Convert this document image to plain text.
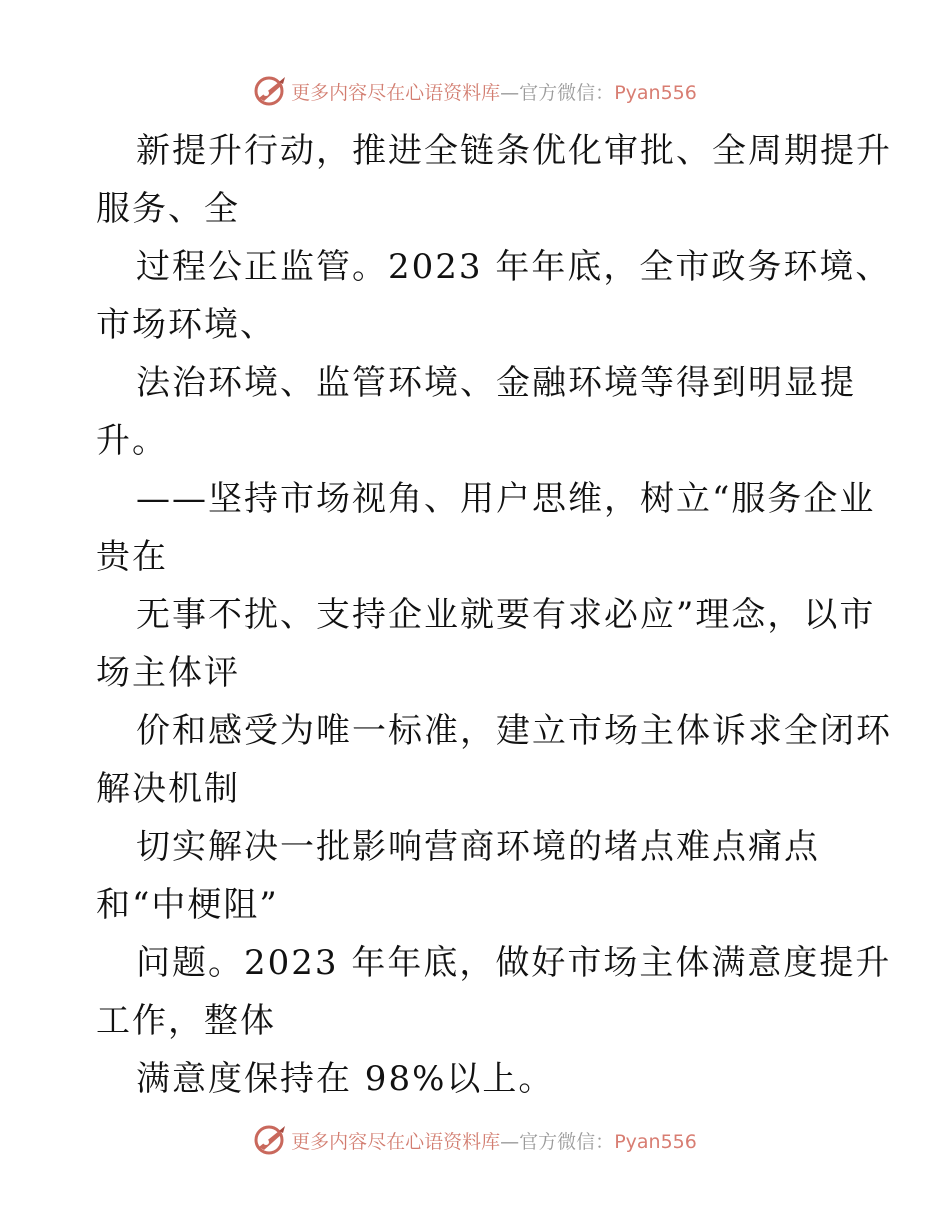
更多内容尽在心语资料库—官方微信：Pyan556
新提升行动，推进全链条优化审批、全周期提升
服务、全
过程公正监管。2023 年年底，全市政务环境、
市场环境、
法治环境、监管环境、金融环境等得到明显提
升。
——坚持市场视角、用户思维，树立“服务企业
贵在
无事不扰、支持企业就要有求必应”理念，以市
场主体评
价和感受为唯一标准，建立市场主体诉求全闭环
解决机制
切实解决一批影响营商环境的堵点难点痛点
和“中梗阻”
问题。2023 年年底，做好市场主体满意度提升
工作，整体
满意度保持在 98%以上。
更多内容尽在心语资料库—官方微信：Pyan556
